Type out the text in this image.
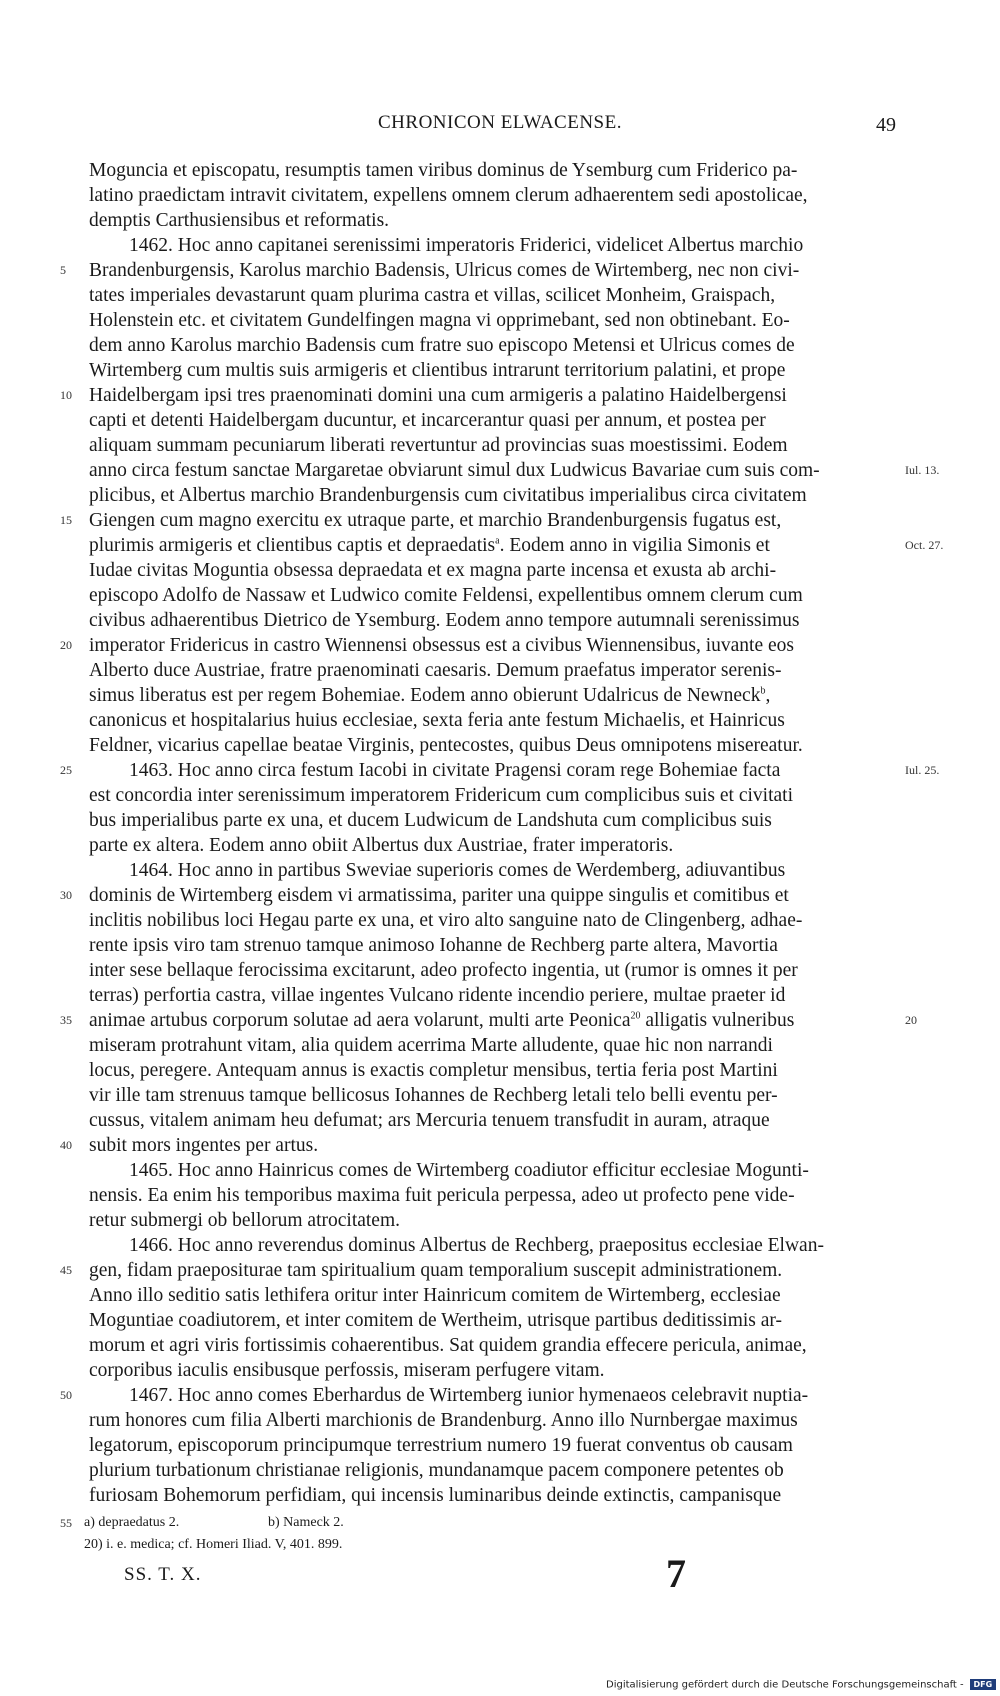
CHRONICON ELWACENSE.	49
Moguncia et episcopatu, resumptis tamen viribus dominus de Ysemburg cum Friderico pa-
latino praedictam intravit civitatem, expellens omnem clerum adhaerentem sedi apostolicae,
demptis Carthusiensibus et reformatis.
1462. Hoc anno capitanei serenissimi imperatoris Friderici, videlicet Albertus marchio
5	Brandenburgensis, Karolus marchio Badensis, Ulricus comes de Wirtemberg, nec non civi-
tates imperiales devastarunt quam plurima castra et villas, scilicet Monheim, Graispach,
Holenstein etc. et civitatem Gundelfingen magna vi opprimebant, sed non obtinebant. Eo-
dem anno Karolus marchio Badensis cum fratre suo episcopo Metensi et Ulricus comes de
Wirtemberg cum multis suis armigeris et clientibus intrarunt territorium palatini, et prope
10 Haidelbergam ipsi tres praenominati domini una cum armigeris a palatino Haidelbergensi
capti et detenti Haidelbergam ducuntur, et incarcerantur quasi per annum, et postea per
aliquam summam pecuniarum liberati revertuntur ad provincias suas moestissimi. Eodem
anno circa festum sanctae Margaretae obviarunt simul dux Ludwicus Bavariae cum suis com-	Iul. 13.
plicibus, et Albertus marchio Brandenburgensis cum civitatibus imperialibus circa civitatem
15 Giengen cum magno exercitu ex utraque parte, et marchio Brandenburgensis fugatus est,
plurimis armigeris et clientibus captis et depraedatis$^a$. Eodem anno in vigilia Simonis et	Oct. 27.
Iudae civitas Moguntia obsessa depraedata et ex magna parte incensa et exusta ab archi-
episcopo Adolfo de Nassaw et Ludwico comite Feldensi, expellentibus omnem clerum cum
civibus adhaerentibus Dietrico de Ysemburg. Eodem anno tempore autumnali serenissimus
20 imperator Fridericus in castro Wiennensi obsessus est a civibus Wiennensibus, iuvante eos
Alberto duce Austriae, fratre praenominati caesaris. Demum praefatus imperator serenis-
simus liberatus est per regem Bohemiae. Eodem anno obierunt Udalricus de Newneck$^b$,
canonicus et hospitalarius huius ecclesiae, sexta feria ante festum Michaelis, et Hainricus
Feldner, vicarius capellae beatae Virginis, pentecostes, quibus Deus omnipotens misereatur.
25	1463. Hoc anno circa festum Iacobi in civitate Pragensi coram rege Bohemiae facta	Iul. 25.
est concordia inter serenissimum imperatorem Fridericum cum complicibus suis et civitati
bus imperialibus parte ex una, et ducem Ludwicum de Landshuta cum complicibus suis
parte ex altera. Eodem anno obiit Albertus dux Austriae, frater imperatoris.
1464. Hoc anno in partibus Sweviae superioris comes de Werdemberg, adiuvantibus
30 dominis de Wirtemberg eisdem vi armatissima, pariter una quippe singulis et comitibus et
inclitis nobilibus loci Hegau parte ex una, et viro alto sanguine nato de Clingenberg, adhae-
rente ipsis viro tam strenuo tamque animoso Iohanne de Rechberg parte altera, Mavortia
inter sese bellaque ferocissima excitarunt, adeo profecto ingentia, ut (rumor is omnes it per
terras) perfortia castra, villae ingentes Vulcano ridente incendio periere, multae praeter id
35 animae artubus corporum solutae ad aera volarunt, multi arte Peonica$^{20}$ alligatis vulneribus	20
miseram protrahunt vitam, alia quidem acerrima Marte alludente, quae hic non narrandi
locus, peregere. Antequam annus is exactis completur mensibus, tertia feria post Martini
vir ille tam strenuus tamque bellicosus Iohannes de Rechberg letali telo belli eventu per-
cussus, vitalem animam heu defumat; ars Mercuria tenuem transfudit in auram, atraque
40 subit mors ingentes per artus.
1465. Hoc anno Hainricus comes de Wirtemberg coadiutor efficitur ecclesiae Mogunti-
nensis. Ea enim his temporibus maxima fuit pericula perpessa, adeo ut profecto pene vide-
retur submergi ob bellorum atrocitatem.
1466. Hoc anno reverendus dominus Albertus de Rechberg, praepositus ecclesiae Elwan-
45 gen, fidam praepositurae tam spiritualium quam temporalium suscepit administrationem.
Anno illo seditio satis lethifera oritur inter Hainricum comitem de Wirtemberg, ecclesiae
Moguntiae coadiutorem, et inter comitem de Wertheim, utrisque partibus deditissimis ar-
morum et agri viris fortissimis cohaerentibus. Sat quidem grandia effecere pericula, animae,
corporibus iaculis ensibusque perfossis, miseram perfugere vitam.
50	1467. Hoc anno comes Eberhardus de Wirtemberg iunior hymenaeos celebravit nuptia-
rum honores cum filia Alberti marchionis de Brandenburg. Anno illo Nurnbergae maximus
legatorum, episcoporum principumque terrestrium numero 19 fuerat conventus ob causam
plurium turbationum christianae religionis, mundanamque pacem componere petentes ob
furiosam Bohemorum perfidiam, qui incensis luminaribus deinde extinctis, campanisque
55 a) depraedatus 2.	b) Nameck 2.
20) i. e. medica; cf. Homeri Iliad. V, 401. 899.
SS. T. X.	7
Digitalisierung gefördert durch die Deutsche Forschungsgemeinschaft - DFG
